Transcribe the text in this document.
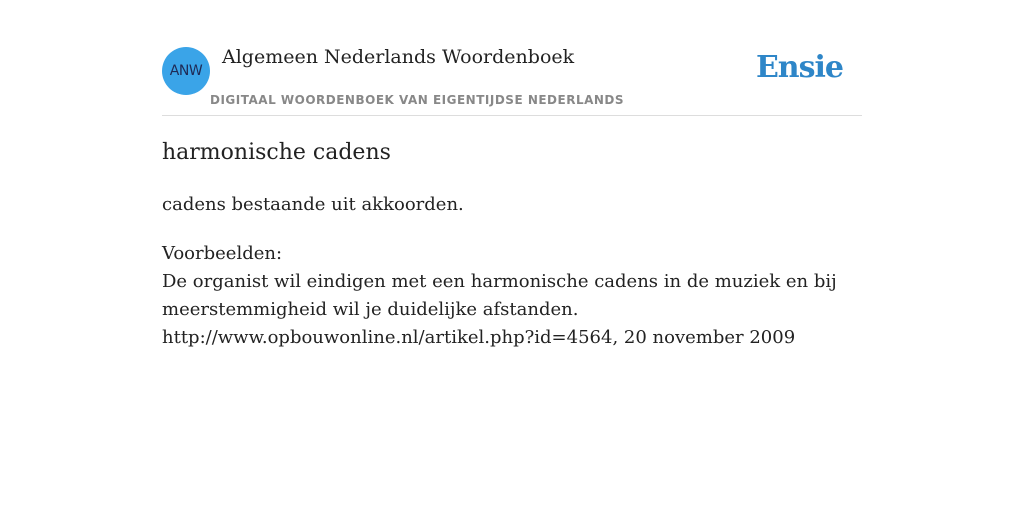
ANW
Algemeen Nederlands Woordenboek
DIGITAAL WOORDENBOEK VAN EIGENTIJDSE NEDERLANDS
Ensie
harmonische cadens
cadens bestaande uit akkoorden.
Voorbeelden:
De organist wil eindigen met een harmonische cadens in de muziek en bij
meerstemmigheid wil je duidelijke afstanden.
http://www.opbouwonline.nl/artikel.php?id=4564, 20 november 2009
